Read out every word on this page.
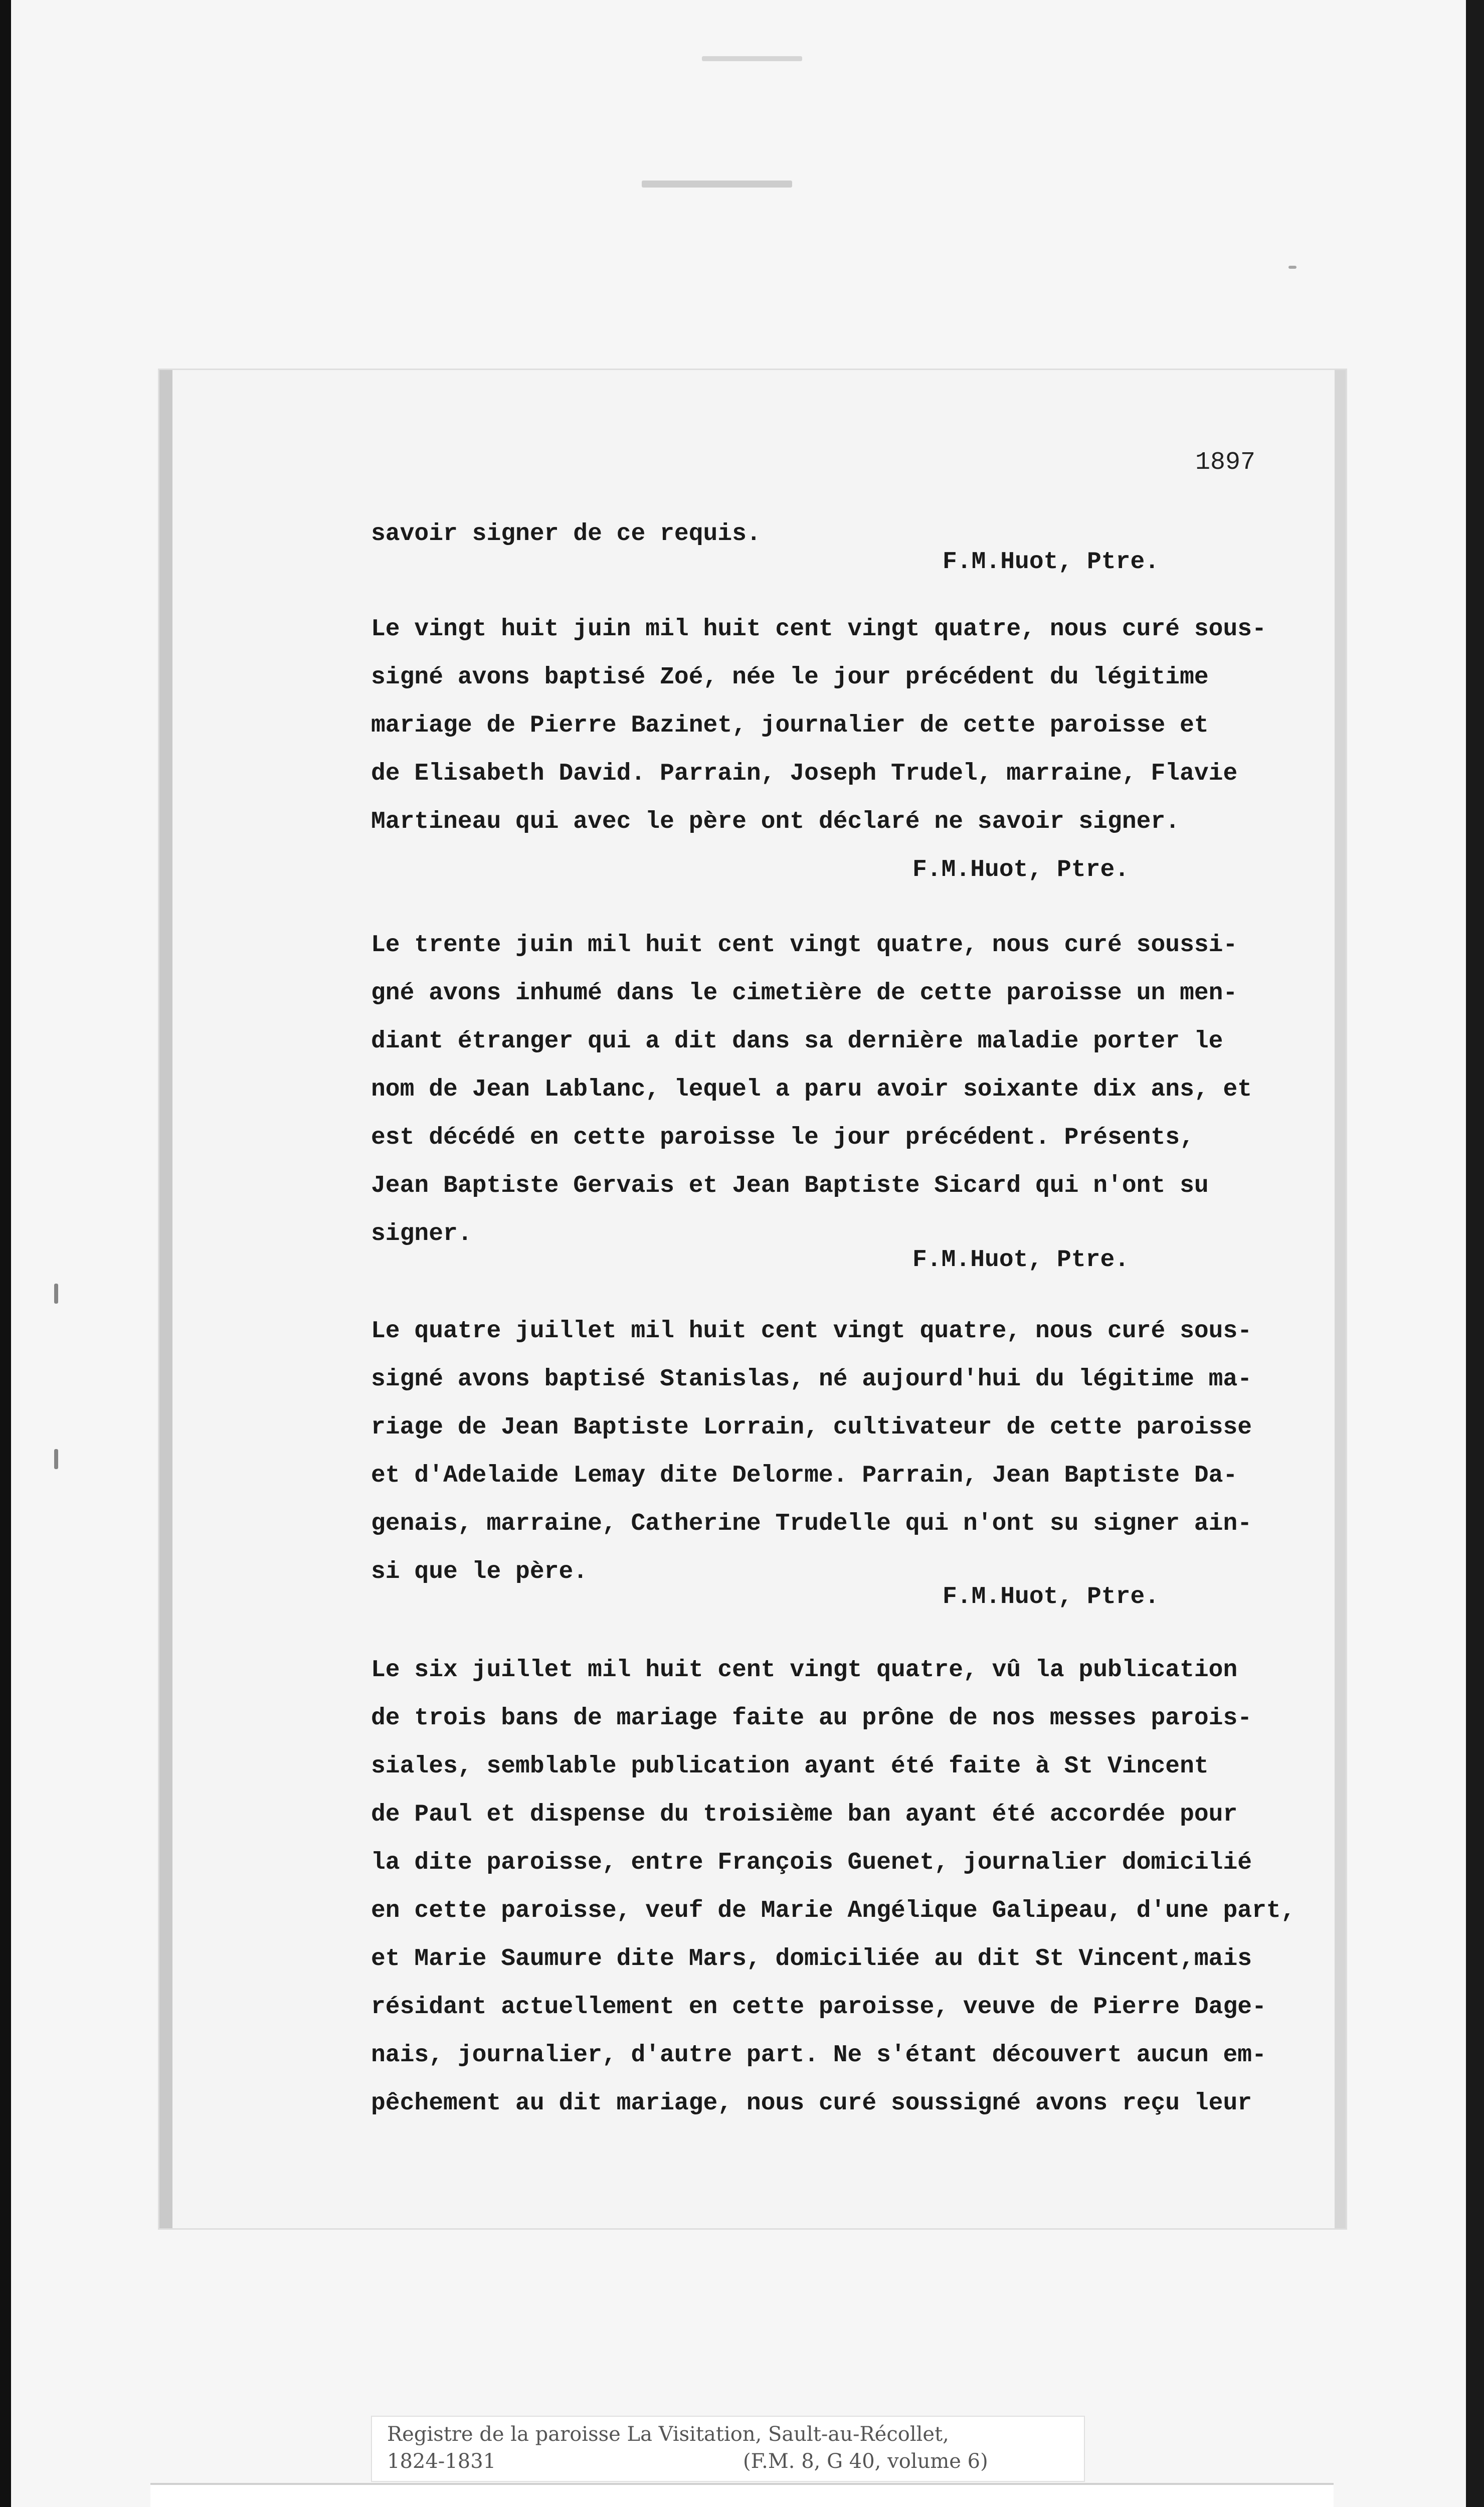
1897

savoir signer de ce requis.

F.M.Huot, Ptre.

Le vingt huit juin mil huit cent vingt quatre, nous curé sous-

signé avons baptisé Zoé, née le jour précédent du légitime

mariage de Pierre Bazinet, journalier de cette paroisse et

de Elisabeth David. Parrain, Joseph Trudel, marraine, Flavie

Martineau qui avec le père ont déclaré ne savoir signer.

F.M.Huot, Ptre.

Le trente juin mil huit cent vingt quatre, nous curé soussi-

gné avons inhumé dans le cimetière de cette paroisse un men-

diant étranger qui a dit dans sa dernière maladie porter le

nom de Jean Lablanc, lequel a paru avoir soixante dix ans, et

est décédé en cette paroisse le jour précédent. Présents,

Jean Baptiste Gervais et Jean Baptiste Sicard qui n'ont su

signer.

F.M.Huot, Ptre.

Le quatre juillet mil huit cent vingt quatre, nous curé sous-

signé avons baptisé Stanislas, né aujourd'hui du légitime ma-

riage de Jean Baptiste Lorrain, cultivateur de cette paroisse

et d'Adelaide Lemay dite Delorme. Parrain, Jean Baptiste Da-

genais, marraine, Catherine Trudelle qui n'ont su signer ain-

si que le père.

F.M.Huot, Ptre.

Le six juillet mil huit cent vingt quatre, vû la publication

de trois bans de mariage faite au prône de nos messes parois-

siales, semblable publication ayant été faite à St Vincent

de Paul et dispense du troisième ban ayant été accordée pour

la dite paroisse, entre François Guenet, journalier domicilié

en cette paroisse, veuf de Marie Angélique Galipeau, d'une part,

et Marie Saumure dite Mars, domiciliée au dit St Vincent,mais

résidant actuellement en cette paroisse, veuve de Pierre Dage-

nais, journalier, d'autre part. Ne s'étant découvert aucun em-

pêchement au dit mariage, nous curé soussigné avons reçu leur

Registre de la paroisse La Visitation, Sault-au-Récollet,

1824-1831	(F.M. 8, G 40, volume 6)
